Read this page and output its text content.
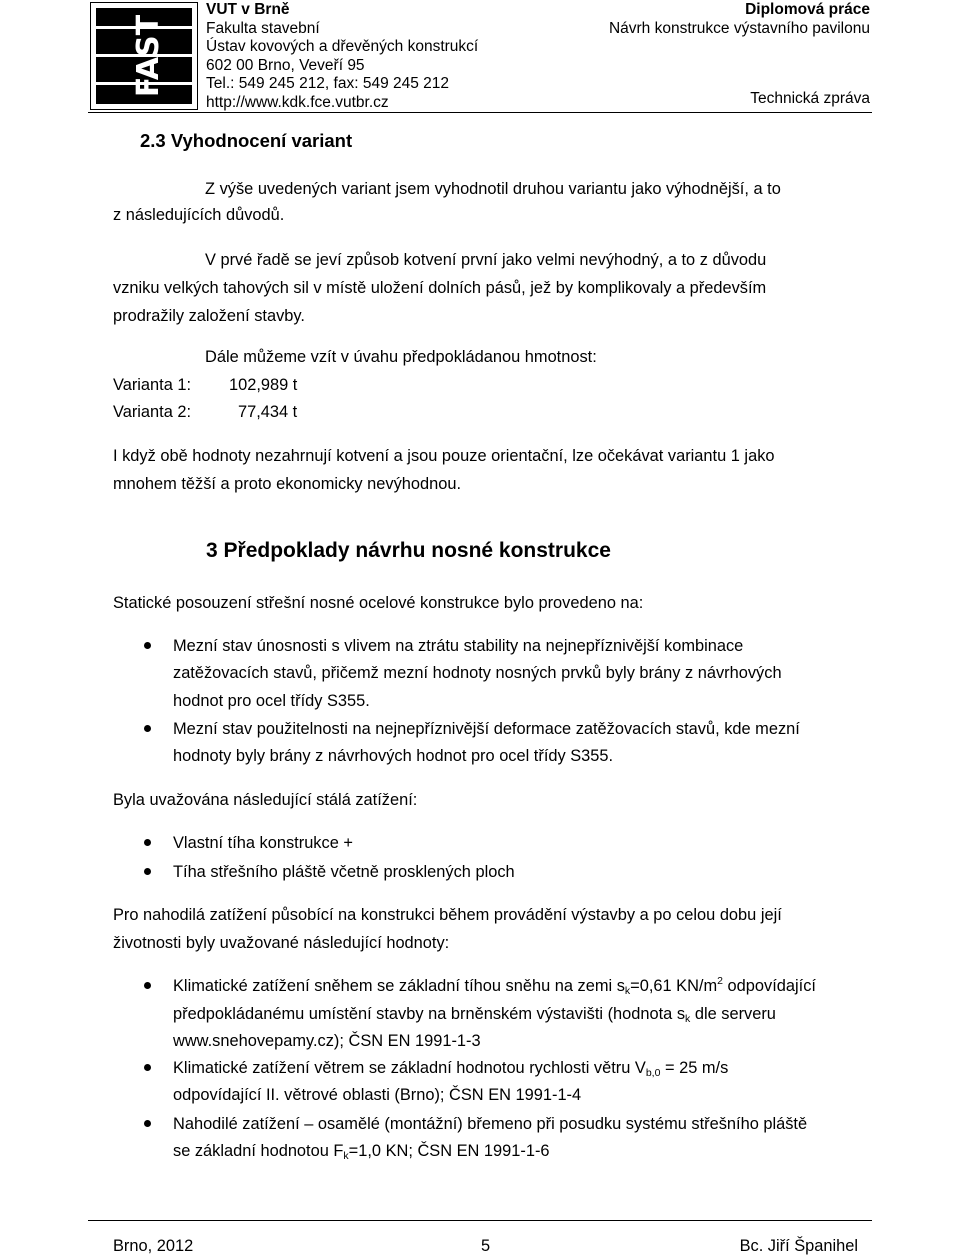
FAST
VUT v Brně
Fakulta stavební
Ústav kovových a dřevěných konstrukcí
602 00 Brno, Veveří 95
Tel.: 549 245 212, fax: 549 245 212
http://www.kdk.fce.vutbr.cz
Diplomová práce
Návrh konstrukce výstavního pavilonu
Technická zpráva
2.3 Vyhodnocení variant
Z výše uvedených variant jsem vyhodnotil druhou variantu jako výhodnější, a to
z následujících důvodů.
V prvé řadě se jeví způsob kotvení první jako velmi nevýhodný, a to z důvodu
vzniku velkých tahových sil v místě uložení dolních pásů, jež by komplikovaly a především
prodražily založení stavby.
Dále můžeme vzít v úvahu předpokládanou hmotnost:
Varianta 1: 102,989 t
Varianta 2:	77,434 t
I když obě hodnoty nezahrnují kotvení a jsou pouze orientační, lze očekávat variantu 1 jako
mnohem těžší a proto ekonomicky nevýhodnou.
3 Předpoklady návrhu nosné konstrukce
Statické posouzení střešní nosné ocelové konstrukce bylo provedeno na:
Mezní stav únosnosti s vlivem na ztrátu stability na nejnepříznivější kombinace
zatěžovacích stavů, přičemž mezní hodnoty nosných prvků byly brány z návrhových
hodnot pro ocel třídy S355.
Mezní stav použitelnosti na nejnepříznivější deformace zatěžovacích stavů, kde mezní
hodnoty byly brány z návrhových hodnot pro ocel třídy S355.
Byla uvažována následující stálá zatížení:
Vlastní tíha konstrukce +
Tíha střešního pláště včetně prosklených ploch
Pro nahodilá zatížení působící na konstrukci během provádění výstavby a po celou dobu její
životnosti byly uvažované následující hodnoty:
Klimatické zatížení sněhem se základní tíhou sněhu na zemi $s_k=0,61$ $KN/m^2$ odpovídající
předpokládanému umístění stavby na brněnském výstavišti (hodnota $s_k$ dle serveru
www.snehovepamy.cz); ČSN EN 1991-1-3
Klimatické zatížení větrem se základní hodnotou rychlosti větru $V_{b,0} = 25$ m/s
odpovídající II. větrové oblasti (Brno); ČSN EN 1991-1-4
Nahodilé zatížení – osamělé (montážní) břemeno při posudku systému střešního pláště
se základní hodnotou $F_k=1,0$ KN; ČSN EN 1991-1-6
Brno, 2012	5	Bc. Jiří Španihel
